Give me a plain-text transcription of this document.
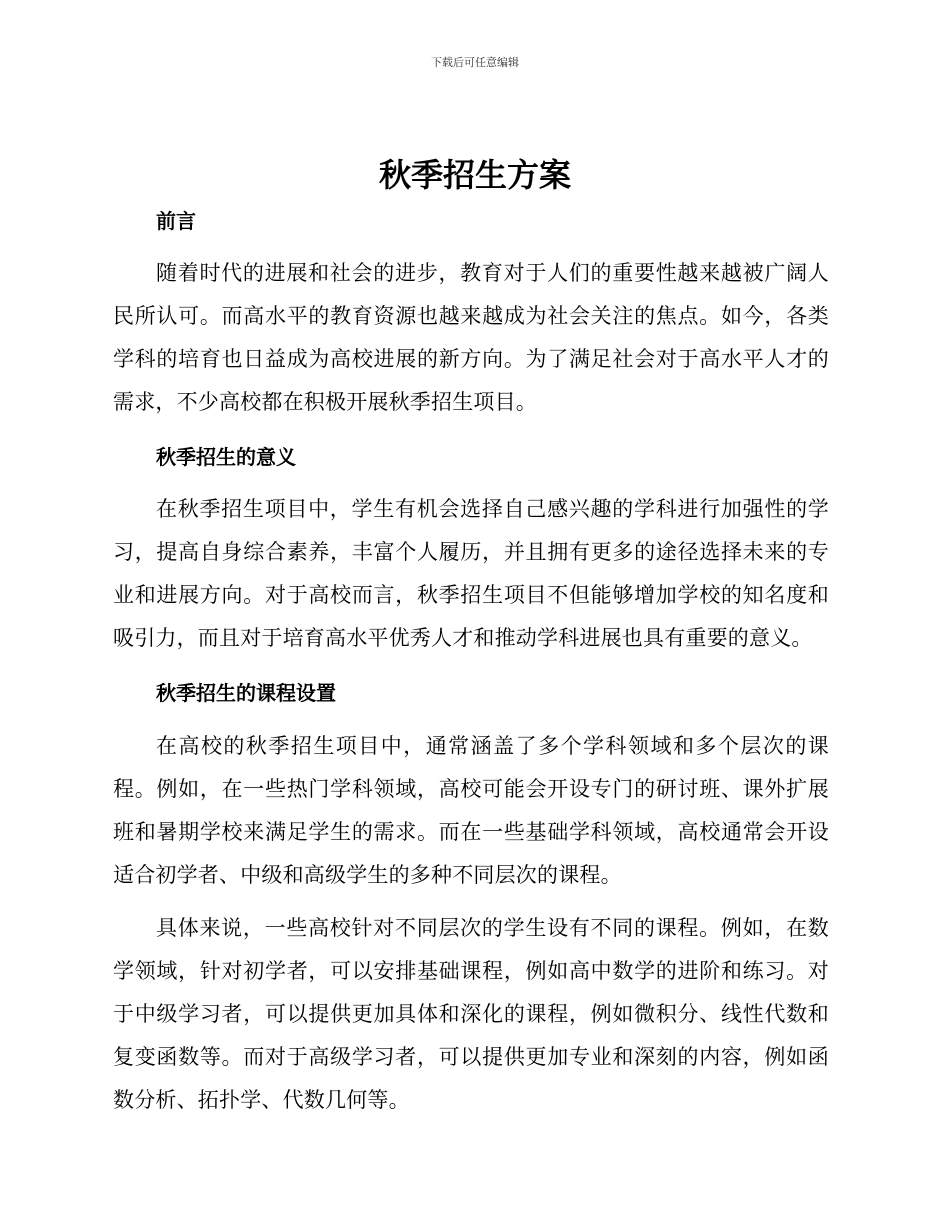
下载后可任意编辑
秋季招生方案
前言

随着时代的进展和社会的进步，教育对于人们的重要性越来越被广阔人民所认可。而高水平的教育资源也越来越成为社会关注的焦点。如今，各类学科的培育也日益成为高校进展的新方向。为了满足社会对于高水平人才的需求，不少高校都在积极开展秋季招生项目。

秋季招生的意义

在秋季招生项目中，学生有机会选择自己感兴趣的学科进行加强性的学习，提高自身综合素养，丰富个人履历，并且拥有更多的途径选择未来的专业和进展方向。对于高校而言，秋季招生项目不但能够增加学校的知名度和吸引力，而且对于培育高水平优秀人才和推动学科进展也具有重要的意义。

秋季招生的课程设置

在高校的秋季招生项目中，通常涵盖了多个学科领域和多个层次的课程。例如，在一些热门学科领域，高校可能会开设专门的研讨班、课外扩展班和暑期学校来满足学生的需求。而在一些基础学科领域，高校通常会开设适合初学者、中级和高级学生的多种不同层次的课程。

具体来说，一些高校针对不同层次的学生设有不同的课程。例如，在数学领域，针对初学者，可以安排基础课程，例如高中数学的进阶和练习。对于中级学习者，可以提供更加具体和深化的课程，例如微积分、线性代数和复变函数等。而对于高级学习者，可以提供更加专业和深刻的内容，例如函数分析、拓扑学、代数几何等。
